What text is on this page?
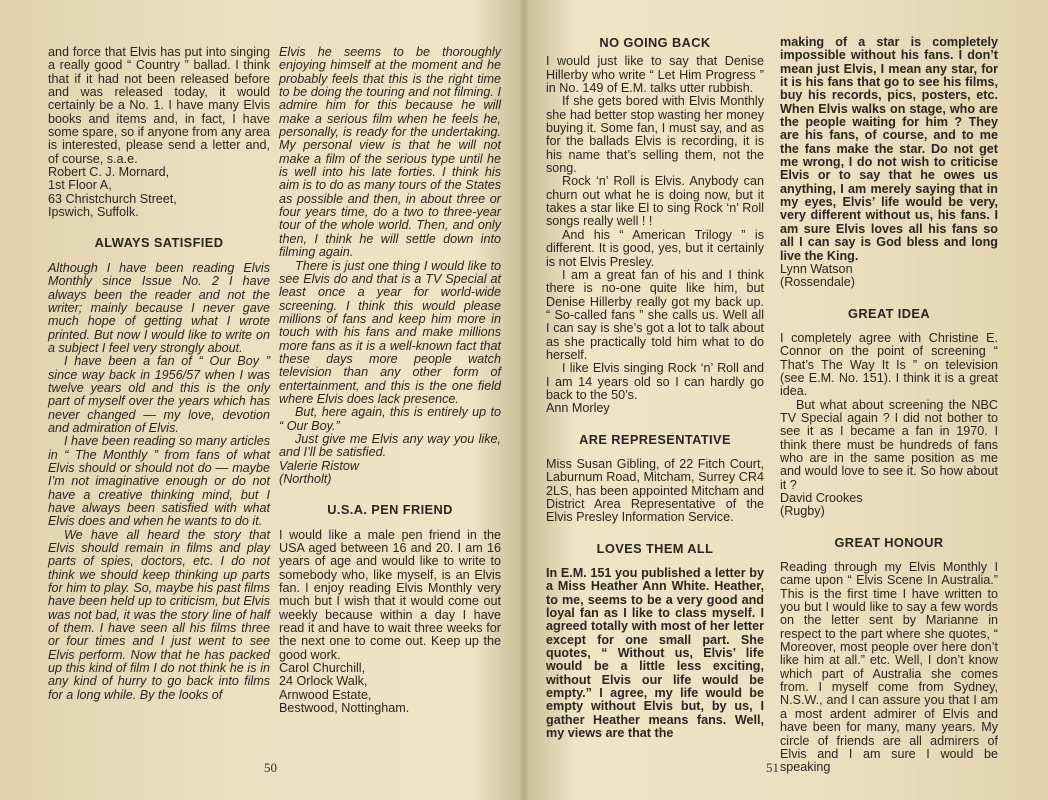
and force that Elvis has put into singing a really good “ Country ” ballad. I think that if it had not been released before and was released today, it would certainly be a No. 1. I have many Elvis books and items and, in fact, I have some spare, so if anyone from any area is interested, please send a letter and, of course, s.a.e.

Robert C. J. Mornard,

1st Floor A,

63 Christchurch Street,

Ipswich, Suffolk.

ALWAYS SATISFIED

Although I have been reading Elvis Monthly since Issue No. 2 I have always been the reader and not the writer; mainly because I never gave much hope of getting what I wrote printed. But now I would like to write on a subject I feel very strongly about.

I have been a fan of “ Our Boy ” since way back in 1956/57 when I was twelve years old and this is the only part of myself over the years which has never changed — my love, devotion and admiration of Elvis.

I have been reading so many articles in “ The Monthly ” from fans of what Elvis should or should not do — maybe I’m not imaginative enough or do not have a creative thinking mind, but I have always been satisfied with what Elvis does and when he wants to do it.

We have all heard the story that Elvis should remain in films and play parts of spies, doctors, etc. I do not think we should keep thinking up parts for him to play. So, maybe his past films have been held up to criticism, but Elvis was not bad, it was the story line of half of them. I have seen all his films three or four times and I just went to see Elvis perform. Now that he has packed up this kind of film I do not think he is in any kind of hurry to go back into films for a long while. By the looks of

Elvis he seems to be thoroughly enjoying himself at the moment and he probably feels that this is the right time to be doing the touring and not filming. I admire him for this because he will make a serious film when he feels he, personally, is ready for the undertaking. My personal view is that he will not make a film of the serious type until he is well into his late forties. I think his aim is to do as many tours of the States as possible and then, in about three or four years time, do a two to three-year tour of the whole world. Then, and only then, I think he will settle down into filming again.

There is just one thing I would like to see Elvis do and that is a TV Special at least once a year for world-wide screening. I think this would please millions of fans and keep him more in touch with his fans and make millions more fans as it is a well-known fact that these days more people watch television than any other form of entertainment, and this is the one field where Elvis does lack presence.

But, here again, this is entirely up to “ Our Boy.”

Just give me Elvis any way you like, and I’ll be satisfied.

Valerie Ristow

(Northolt)

U.S.A. PEN FRIEND

I would like a male pen friend in the USA aged between 16 and 20. I am 16 years of age and would like to write to somebody who, like myself, is an Elvis fan. I enjoy reading Elvis Monthly very much but I wish that it would come out weekly because within a day I have read it and have to wait three weeks for the next one to come out. Keep up the good work.

Carol Churchill,

24 Orlock Walk,

Arnwood Estate,

Bestwood, Nottingham.

NO GOING BACK

I would just like to say that Denise Hillerby who write “ Let Him Progress ” in No. 149 of E.M. talks utter rubbish.

If she gets bored with Elvis Monthly she had better stop wasting her money buying it. Some fan, I must say, and as for the ballads Elvis is recording, it is his name that’s selling them, not the song.

Rock ‘n’ Roll is Elvis. Anybody can churn out what he is doing now, but it takes a star like El to sing Rock ‘n’ Roll songs really well ! !

And his “ American Trilogy ” is different. It is good, yes, but it certainly is not Elvis Presley.

I am a great fan of his and I think there is no-one quite like him, but Denise Hillerby really got my back up. “ So-called fans ” she calls us. Well all I can say is she’s got a lot to talk about as she practically told him what to do herself.

I like Elvis singing Rock ‘n’ Roll and I am 14 years old so I can hardly go back to the 50’s.

Ann Morley

ARE REPRESENTATIVE

Miss Susan Gibling, of 22 Fitch Court, Laburnum Road, Mitcham, Surrey CR4 2LS, has been appointed Mitcham and District Area Representative of the Elvis Presley Information Service.

LOVES THEM ALL

In E.M. 151 you published a letter by a Miss Heather Ann White. Heather, to me, seems to be a very good and loyal fan as I like to class myself. I agreed totally with most of her letter except for one small part. She quotes, “ Without us, Elvis’ life would be a little less exciting, without Elvis our life would be empty.” I agree, my life would be empty without Elvis but, by us, I gather Heather means fans. Well, my views are that the

making of a star is completely impossible without his fans. I don’t mean just Elvis, I mean any star, for it is his fans that go to see his films, buy his records, pics, posters, etc. When Elvis walks on stage, who are the people waiting for him ? They are his fans, of course, and to me the fans make the star. Do not get me wrong, I do not wish to criticise Elvis or to say that he owes us anything, I am merely saying that in my eyes, Elvis’ life would be very, very different without us, his fans. I am sure Elvis loves all his fans so all I can say is God bless and long live the King.

Lynn Watson

(Rossendale)

GREAT IDEA

I completely agree with Christine E. Connor on the point of screening “ That’s The Way It Is ” on television (see E.M. No. 151). I think it is a great idea.

But what about screening the NBC TV Special again ? I did not bother to see it as I became a fan in 1970. I think there must be hundreds of fans who are in the same position as me and would love to see it. So how about it ?

David Crookes

(Rugby)

GREAT HONOUR

Reading through my Elvis Monthly I came upon “ Elvis Scene In Australia.” This is the first time I have written to you but I would like to say a few words on the letter sent by Marianne in respect to the part where she quotes, “ Moreover, most people over here don’t like him at all.” etc. Well, I don’t know which part of Australia she comes from. I myself come from Sydney, N.S.W., and I can assure you that I am a most ardent admirer of Elvis and have been for many, many years. My circle of friends are all admirers of Elvis and I am sure I would be speaking

50	51
